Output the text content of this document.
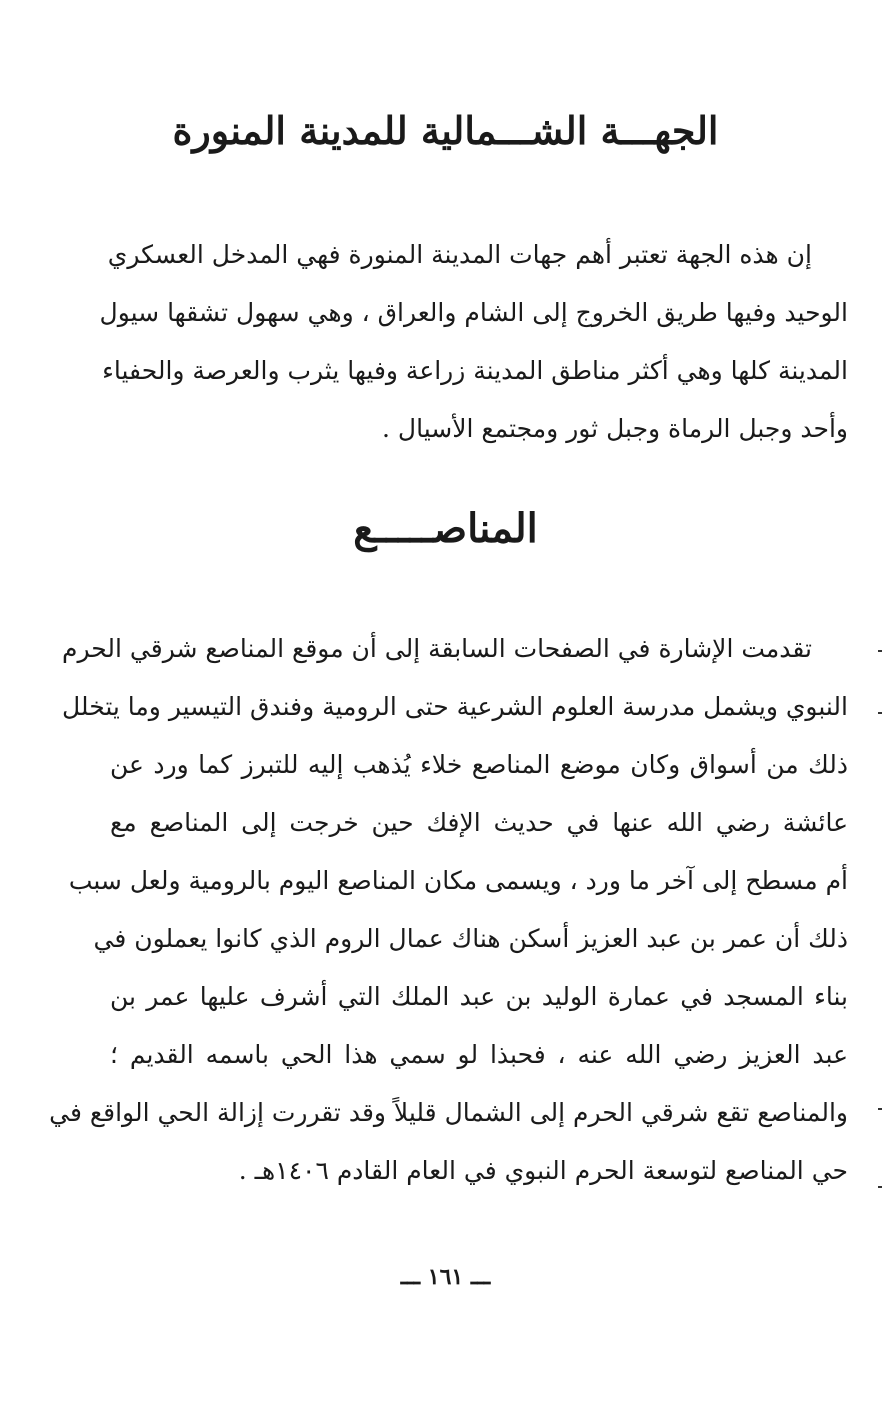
الجهـــة الشـــمالية للمدينة المنورة
إن هذه الجهة تعتبر أهم جهات المدينة المنورة فهي المدخل العسكري
الوحيد وفيها طريق الخروج إلى الشام والعراق ، وهي سهول تشقها سيول
المدينة كلها وهي أكثر مناطق المدينة زراعة وفيها يثرب والعرصة والحفياء
وأحد وجبل الرماة وجبل ثور ومجتمع الأسيال .
المناصـــــع
تقدمت الإشارة في الصفحات السابقة إلى أن موقع المناصع شرقي الحرم
النبوي ويشمل مدرسة العلوم الشرعية حتى الرومية وفندق التيسير وما يتخلل
ذلك من أسواق وكان موضع المناصع خلاء يُذهب إليه للتبرز كما ورد عن
عائشة رضي الله عنها في حديث الإفك حين خرجت إلى المناصع مع
أم مسطح إلى آخر ما ورد ، ويسمى مكان المناصع اليوم بالرومية ولعل سبب
ذلك أن عمر بن عبد العزيز أسكن هناك عمال الروم الذي كانوا يعملون في
بناء المسجد في عمارة الوليد بن عبد الملك التي أشرف عليها عمر بن
عبد العزيز رضي الله عنه ، فحبذا لو سمي هذا الحي باسمه القديم ؛
والمناصع تقع شرقي الحرم إلى الشمال قليلاً وقد تقررت إزالة الحي الواقع في
حي المناصع لتوسعة الحرم النبوي في العام القادم ١٤٠٦هـ .
ـــ ١٦١ ـــ
